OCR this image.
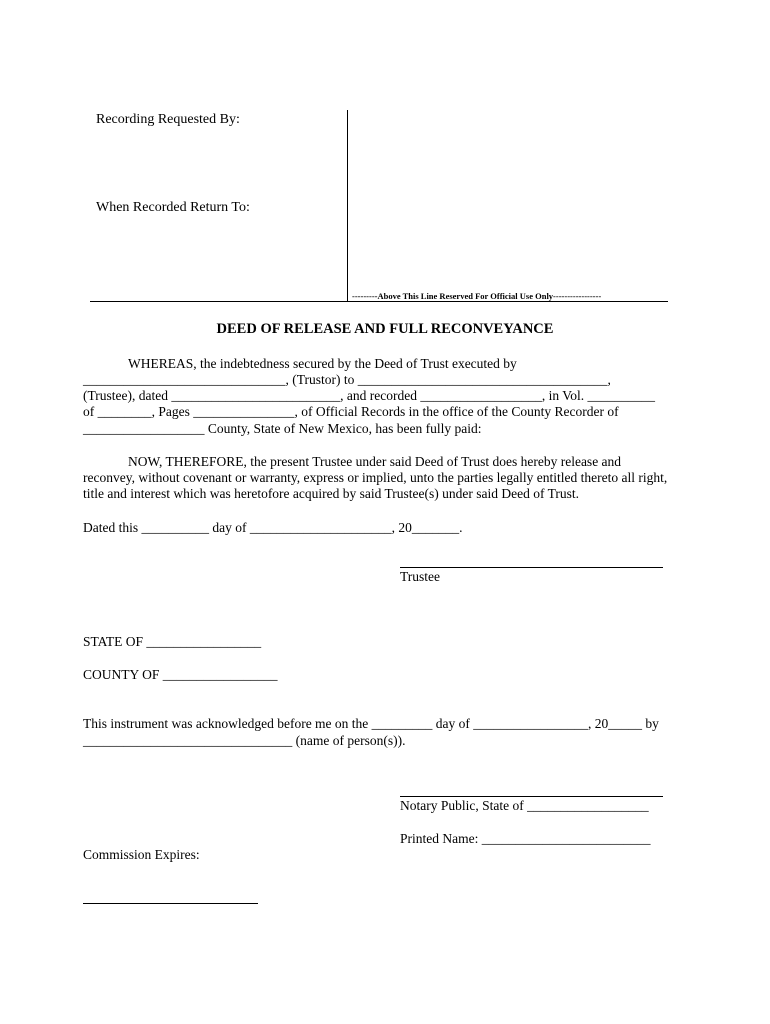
Recording Requested By:
When Recorded Return To:
---------Above This Line Reserved For Official Use Only-----------------
DEED OF RELEASE AND FULL RECONVEYANCE
WHEREAS, the indebtedness secured by the Deed of Trust executed by
______________________________, (Trustor) to _____________________________________,
(Trustee), dated _________________________, and recorded __________________, in Vol. __________
of ________, Pages _______________, of Official Records in the office of the County Recorder of
__________________ County, State of New Mexico, has been fully paid:
NOW, THEREFORE, the present Trustee under said Deed of Trust does hereby release and
reconvey, without covenant or warranty, express or implied, unto the parties legally entitled thereto all right,
title and interest which was heretofore acquired by said Trustee(s) under said Deed of Trust.
Dated this __________ day of _____________________, 20_______.
Trustee
STATE OF _________________
COUNTY OF _________________
This instrument was acknowledged before me on the _________ day of _________________, 20_____ by
_______________________________ (name of person(s)).
Notary Public, State of __________________
Printed Name: _________________________
Commission Expires:
